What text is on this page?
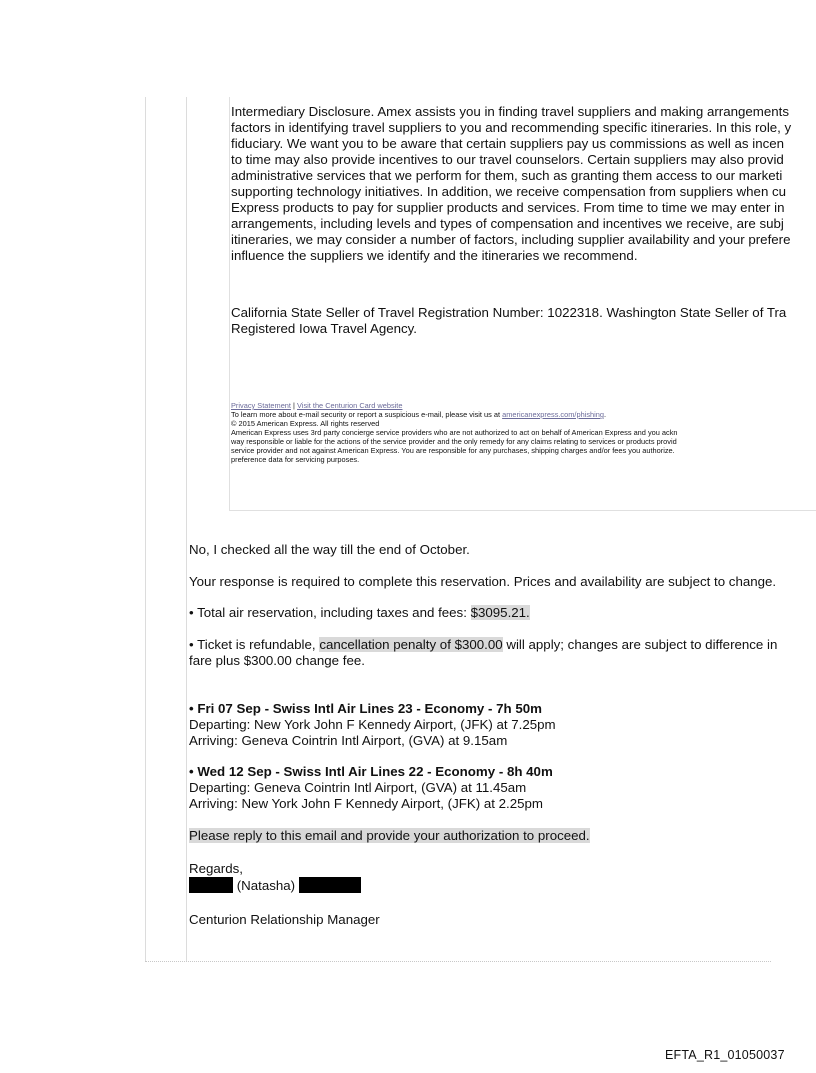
Intermediary Disclosure. Amex assists you in finding travel suppliers and making arrangements
factors in identifying travel suppliers to you and recommending specific itineraries. In this role, y
fiduciary. We want you to be aware that certain suppliers pay us commissions as well as incen
to time may also provide incentives to our travel counselors. Certain suppliers may also provid
administrative services that we perform for them, such as granting them access to our marketi
supporting technology initiatives. In addition, we receive compensation from suppliers when cu
Express products to pay for supplier products and services. From time to time we may enter in
arrangements, including levels and types of compensation and incentives we receive, are subj
itineraries, we may consider a number of factors, including supplier availability and your prefere
influence the suppliers we identify and the itineraries we recommend.
California State Seller of Travel Registration Number: 1022318. Washington State Seller of Tra
Registered Iowa Travel Agency.
Privacy Statement | Visit the Centurion Card website
To learn more about e-mail security or report a suspicious e-mail, please visit us at americanexpress.com/phishing.
© 2015 American Express. All rights reserved
American Express uses 3rd party concierge service providers who are not authorized to act on behalf of American Express and you ackn
way responsible or liable for the actions of the service provider and the only remedy for any claims relating to services or products provid
service provider and not against American Express. You are responsible for any purchases, shipping charges and/or fees you authorize.
preference data for servicing purposes.
No, I checked all the way till the end of October.
Your response is required to complete this reservation. Prices and availability are subject to change.
• Total air reservation, including taxes and fees: $3095.21.
• Ticket is refundable, cancellation penalty of $300.00 will apply; changes are subject to difference in
fare plus $300.00 change fee.
• Fri 07 Sep - Swiss Intl Air Lines 23 - Economy - 7h 50m
Departing: New York John F Kennedy Airport, (JFK) at 7.25pm
Arriving: Geneva Cointrin Intl Airport, (GVA) at 9.15am
• Wed 12 Sep - Swiss Intl Air Lines 22 - Economy - 8h 40m
Departing: Geneva Cointrin Intl Airport, (GVA) at 11.45am
Arriving: New York John F Kennedy Airport, (JFK) at 2.25pm
Please reply to this email and provide your authorization to proceed.
Regards,
(Natasha)
Centurion Relationship Manager
EFTA_R1_01050037
